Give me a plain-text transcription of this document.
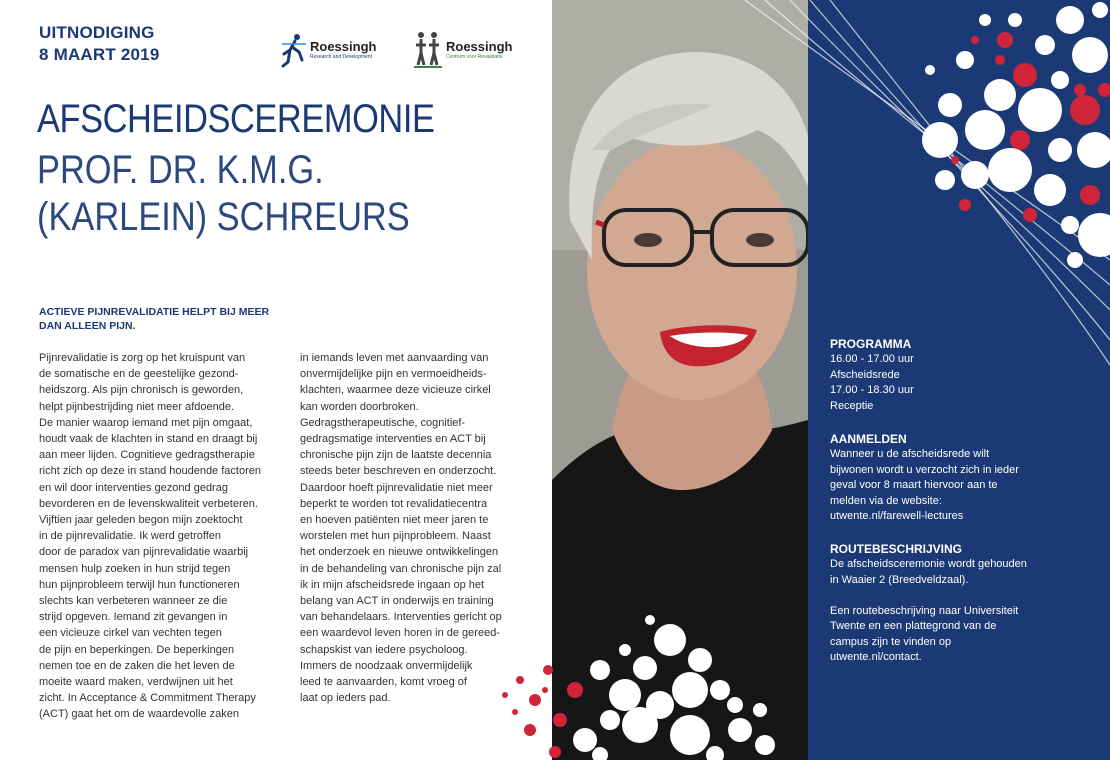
UITNODIGING
8 MAART 2019	Roessingh
Research and Development
Roessingh
Centrum voor Revalidatie
AFSCHEIDSCEREMONIE
PROF. DR. K.M.G.
(KARLEIN) SCHREURS
ACTIEVE PIJNREVALIDATIE HELPT BIJ MEER
DAN ALLEEN PIJN.
Pijnrevalidatie is zorg op het kruispunt van
de somatische en de geestelijke gezond-
heidszorg. Als pijn chronisch is geworden,
helpt pijnbestrijding niet meer afdoende.
De manier waarop iemand met pijn omgaat,
houdt vaak de klachten in stand en draagt bij
aan meer lijden. Cognitieve gedragstherapie
richt zich op deze in stand houdende factoren
en wil door interventies gezond gedrag
bevorderen en de levenskwaliteit verbeteren.
Vijftien jaar geleden begon mijn zoektocht
in de pijnrevalidatie. Ik werd getroffen
door de paradox van pijnrevalidatie waarbij
mensen hulp zoeken in hun strijd tegen
hun pijnprobleem terwijl hun functioneren
slechts kan verbeteren wanneer ze die
strijd opgeven. Iemand zit gevangen in
een vicieuze cirkel van vechten tegen
de pijn en beperkingen. De beperkingen
nemen toe en de zaken die het leven de
moeite waard maken, verdwijnen uit het
zicht. In Acceptance & Commitment Therapy
(ACT) gaat het om de waardevolle zaken
in iemands leven met aanvaarding van
onvermijdelijke pijn en vermoeidheids-
klachten, waarmee deze vicieuze cirkel
kan worden doorbroken.
Gedragstherapeutische, cognitief-
gedragsmatige interventies en ACT bij
chronische pijn zijn de laatste decennia
steeds beter beschreven en onderzocht.
Daardoor hoeft pijnrevalidatie niet meer
beperkt te worden tot revalidatiecentra
en hoeven patiënten niet meer jaren te
worstelen met hun pijnprobleem. Naast
het onderzoek en nieuwe ontwikkelingen
in de behandeling van chronische pijn zal
ik in mijn afscheidsrede ingaan op het
belang van ACT in onderwijs en training
van behandelaars. Interventies gericht op
een waardevol leven horen in de gereed-
schapskist van iedere psycholoog.
Immers de noodzaak onvermijdelijk
leed te aanvaarden, komt vroeg of
laat op ieders pad.
PROGRAMMA

16.00 - 17.00 uur

Afscheidsrede

17.00 - 18.30 uur

Receptie

AANMELDEN

Wanneer u de afscheidsrede wilt

bijwonen wordt u verzocht zich in ieder

geval voor 8 maart hiervoor aan te

melden via de website:

utwente.nl/farewell-lectures

ROUTEBESCHRIJVING

De afscheidsceremonie wordt gehouden

in Waaier 2 (Breedveldzaal).

Een routebeschrijving naar Universiteit

Twente en een plattegrond van de

campus zijn te vinden op

utwente.nl/contact.
